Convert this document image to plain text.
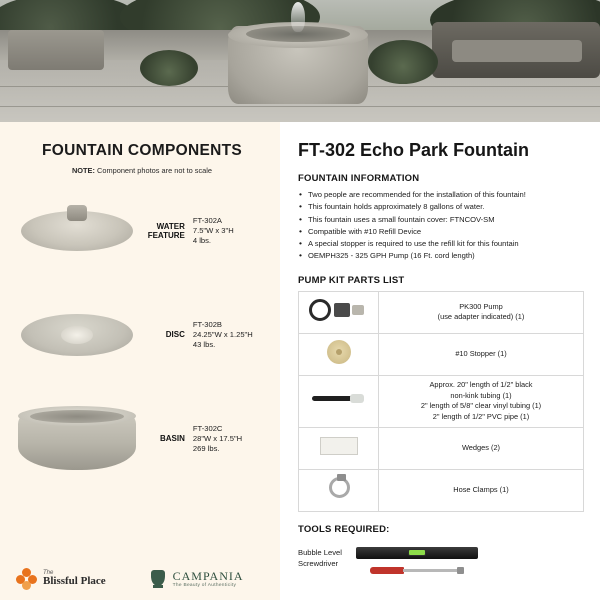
FOUNTAIN COMPONENTS
NOTE: Component photos are not to scale
WATER
FEATURE
FT-302A
7.5"W x 3"H
4 lbs.
DISC
FT-302B
24.25"W x 1.25"H
43 lbs.
BASIN
FT-302C
28"W x 17.5"H
269 lbs.
The
Blissful Place	CAMPANIA
The Beauty of Authenticity
FT-302 Echo Park Fountain
FOUNTAIN INFORMATION
• Two people are recommended for the installation of this fountain!
• This fountain holds approximately 8 gallons of water.
• This fountain uses a small fountain cover: FTNCOV-SM
• Compatible with #10 Refill Device
• A special stopper is required to use the refill kit for this fountain
• OEMPH325 - 325 GPH Pump (16 Ft. cord length)
PUMP KIT PARTS LIST

	PK300 Pump
(use adapter indicated) (1)

	#10 Stopper (1)

	Approx. 20" length of 1/2" black
non-kink tubing (1)
2" length of 5/8" clear vinyl tubing (1)
2" length of 1/2" PVC pipe (1)

	Wedges (2)

	Hose Clamps (1)
TOOLS REQUIRED:
Bubble Level
Screwdriver
